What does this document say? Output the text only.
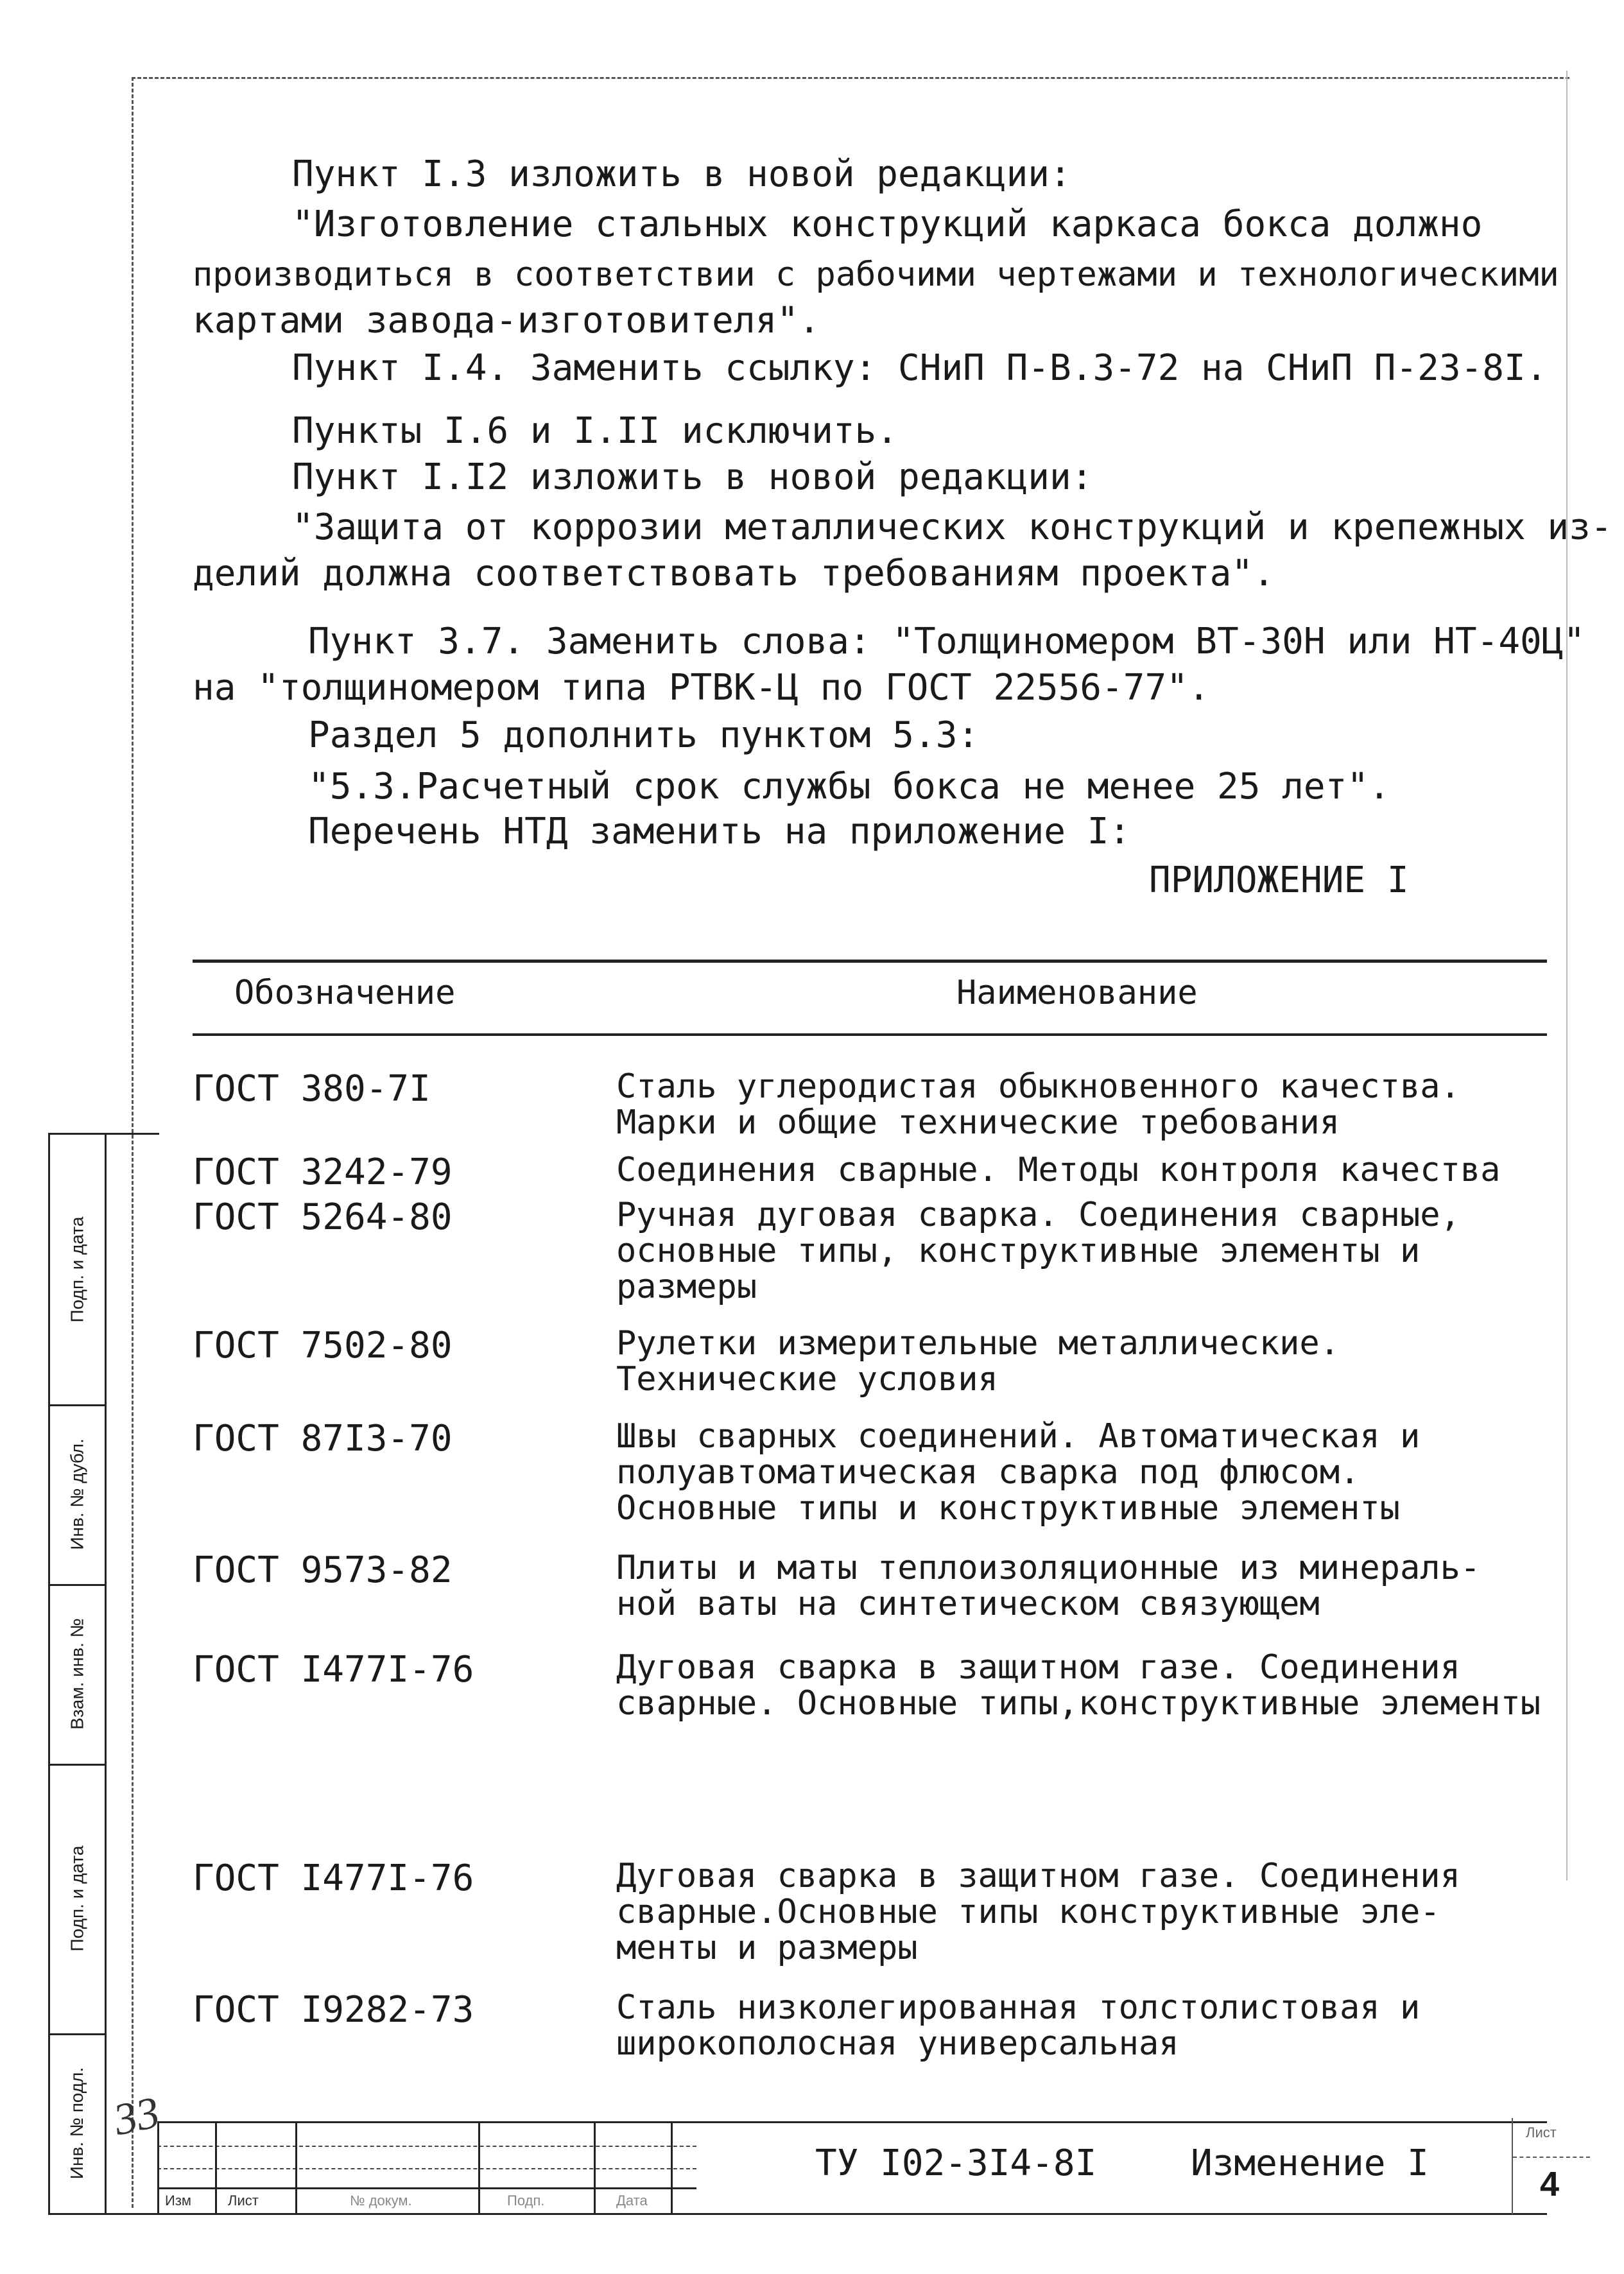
Пункт I.3 изложить в новой редакции:
"Изготовление стальных конструкций каркаса бокса должно
производиться в соответствии с рабочими чертежами и технологическими
картами завода-изготовителя".
Пункт I.4. Заменить ссылку: СНиП П-В.3-72 на СНиП П-23-8I.
Пункты I.6 и I.II исключить.
Пункт I.I2 изложить в новой редакции:
"Защита от коррозии металлических конструкций и крепежных из-
делий должна соответствовать требованиям проекта".
Пункт 3.7. Заменить слова: "Толщиномером ВТ-30Н или НТ-40Ц"
на "толщиномером типа РТВК-Ц по ГОСТ 22556-77".
Раздел 5 дополнить пунктом 5.3:
"5.3.Расчетный срок службы бокса не менее 25 лет".
Перечень НТД заменить на приложение I:
ПРИЛОЖЕНИЕ I
Обозначение	Наименование
ГОСТ 380-7I	Сталь углеродистая обыкновенного качества.
Марки и общие технические требования
ГОСТ 3242-79	Соединения сварные. Методы контроля качества
ГОСТ 5264-80	Ручная дуговая сварка. Соединения сварные,
основные типы, конструктивные элементы и
размеры
ГОСТ 7502-80	Рулетки измерительные металлические.
Технические условия
ГОСТ 87I3-70	Швы сварных соединений. Автоматическая и
полуавтоматическая сварка под флюсом.
Основные типы и конструктивные элементы
ГОСТ 9573-82	Плиты и маты теплоизоляционные из минераль-
ной ваты на синтетическом связующем
ГОСТ I477I-76	Дуговая сварка в защитном газе. Соединения
сварные. Основные типы,конструктивные элементы
ГОСТ I477I-76	Дуговая сварка в защитном газе. Соединения
сварные.Основные типы конструктивные эле-
менты и размеры
ГОСТ I9282-73	Сталь низколегированная толстолистовая и
широкополосная универсальная
Подп. и дата
Инв. № дубл.
Взам. инв. №
Подп. и дата
Инв. № подл. 33
Изм	Лист	№ докум.	Подп.	Дата
ТУ I02-3I4-8I	Изменение I
Лист
4
